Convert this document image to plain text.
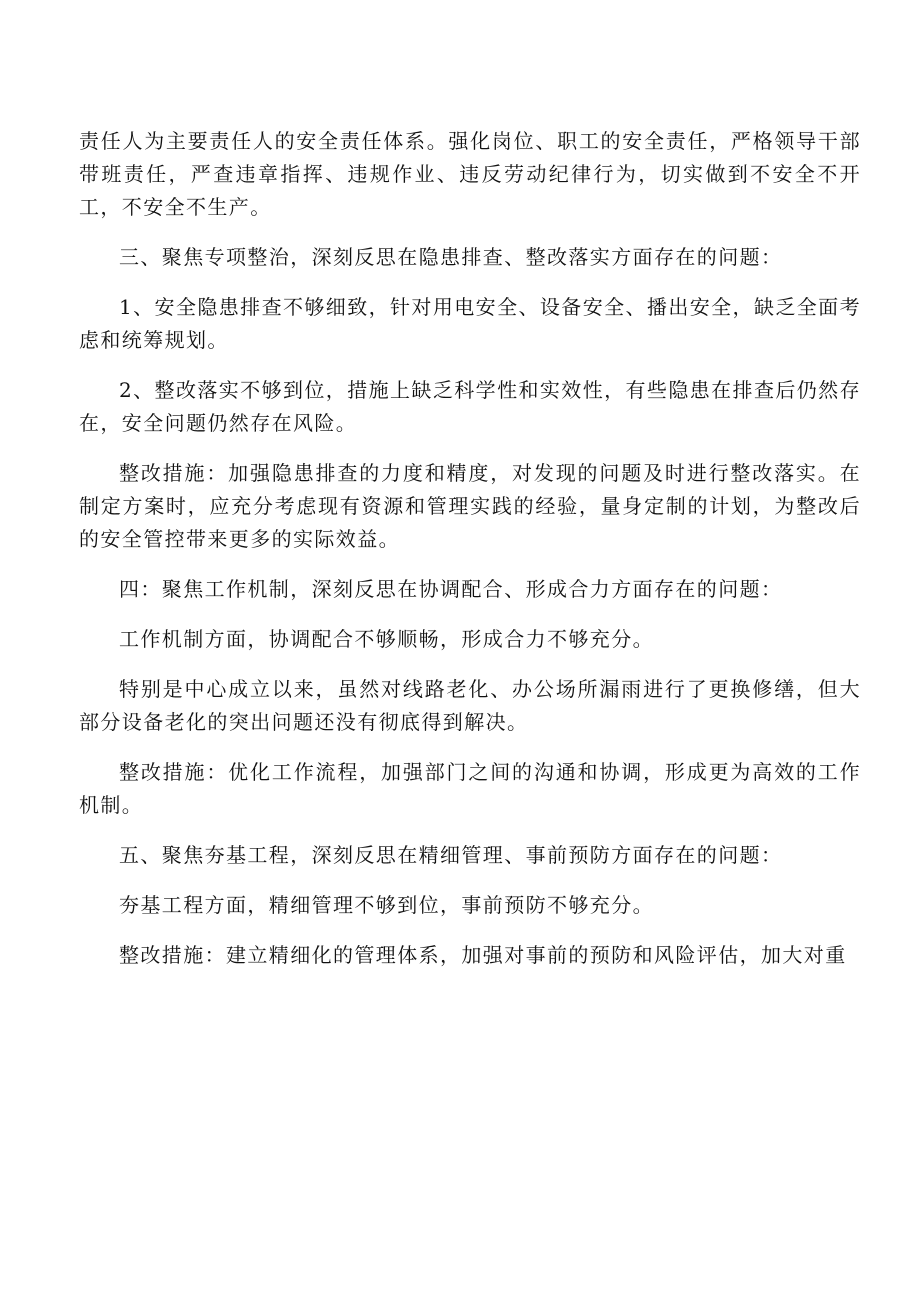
责任人为主要责任人的安全责任体系。强化岗位、职工的安全责任，严格领导干部带班责任，严查违章指挥、违规作业、违反劳动纪律行为，切实做到不安全不开工，不安全不生产。

三、聚焦专项整治，深刻反思在隐患排查、整改落实方面存在的问题：

1、安全隐患排查不够细致，针对用电安全、设备安全、播出安全，缺乏全面考虑和统筹规划。

2、整改落实不够到位，措施上缺乏科学性和实效性，有些隐患在排查后仍然存在，安全问题仍然存在风险。

整改措施：加强隐患排查的力度和精度，对发现的问题及时进行整改落实。在制定方案时，应充分考虑现有资源和管理实践的经验，量身定制的计划，为整改后的安全管控带来更多的实际效益。

四：聚焦工作机制，深刻反思在协调配合、形成合力方面存在的问题：

工作机制方面，协调配合不够顺畅，形成合力不够充分。

特别是中心成立以来，虽然对线路老化、办公场所漏雨进行了更换修缮，但大部分设备老化的突出问题还没有彻底得到解决。

整改措施：优化工作流程，加强部门之间的沟通和协调，形成更为高效的工作机制。

五、聚焦夯基工程，深刻反思在精细管理、事前预防方面存在的问题：

夯基工程方面，精细管理不够到位，事前预防不够充分。

整改措施：建立精细化的管理体系，加强对事前的预防和风险评估，加大对重
